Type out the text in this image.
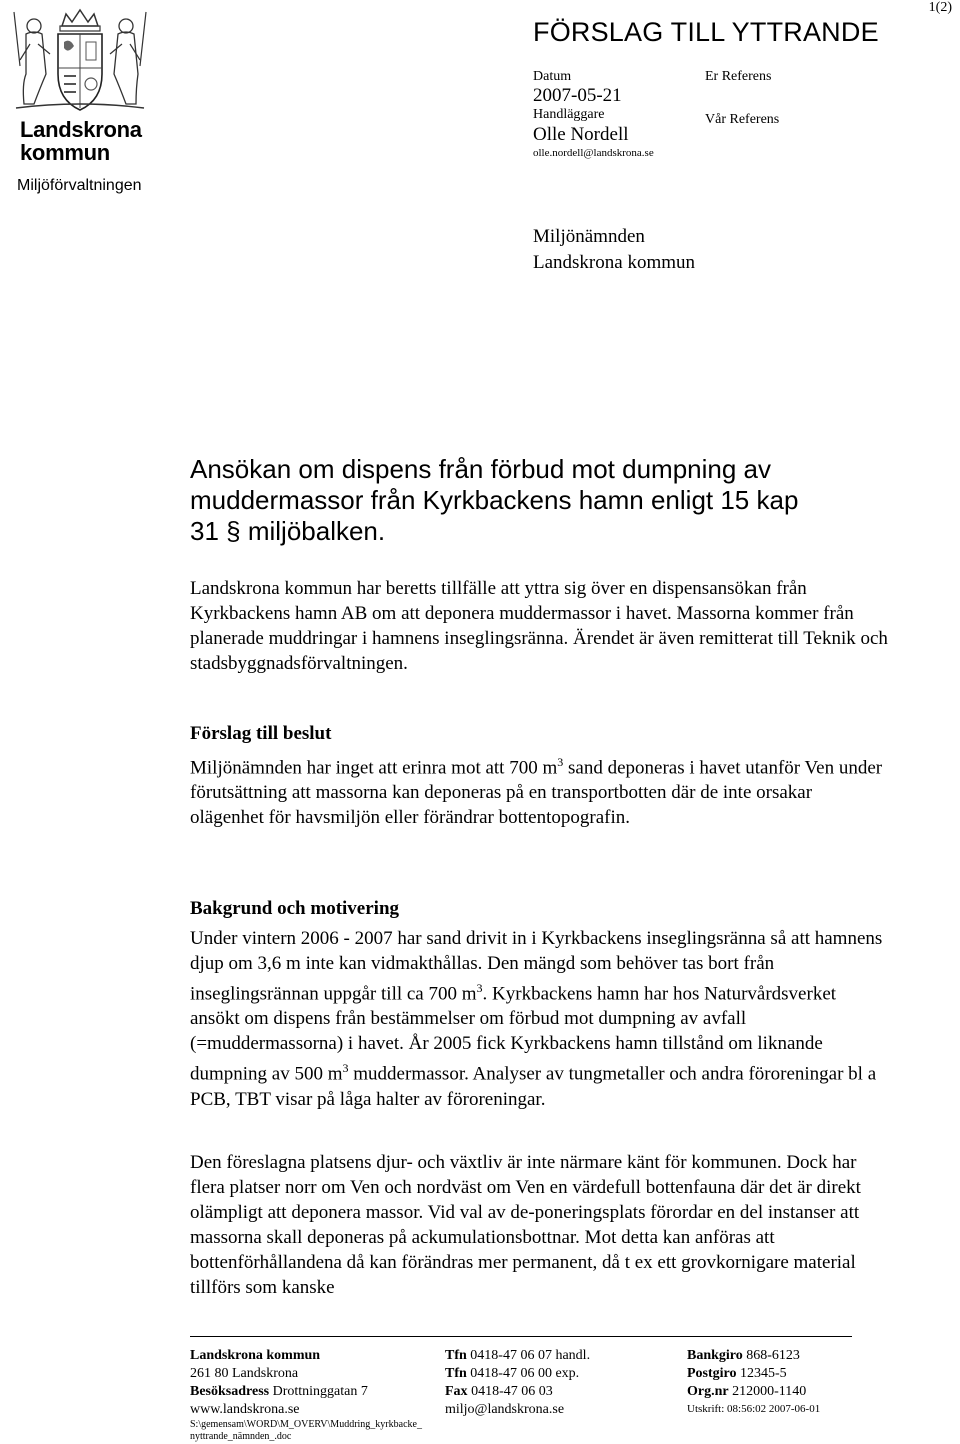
Landskrona
kommun
Miljöförvaltningen
1(2)
FÖRSLAG TILL YTTRANDE
Datum
2007-05-21
Handläggare
Olle Nordell
olle.nordell@landskrona.se
Er Referens
Vår Referens
Miljönämnden
Landskrona kommun
Ansökan om dispens från förbud mot dumpning av
muddermassor från Kyrkbackens hamn enligt 15 kap
31 § miljöbalken.

Landskrona kommun har beretts tillfälle att yttra sig över en dispensansökan från Kyrkbackens hamn AB om att deponera muddermassor i havet. Massorna kommer från planerade muddringar i hamnens inseglingsränna. Ärendet är även remitterat till Teknik och stadsbyggnadsförvaltningen.

Förslag till beslut

Miljönämnden har inget att erinra mot att 700 $m^3$ sand deponeras i havet utanför Ven under förutsättning att massorna kan deponeras på en transportbotten där de inte orsakar olägenhet för havsmiljön eller förändrar bottentopografin.

Bakgrund och motivering

Under vintern 2006 - 2007 har sand drivit in i Kyrkbackens inseglingsränna så att hamnens djup om 3,6 m inte kan vidmakthållas. Den mängd som behöver tas bort från inseglingsrännan uppgår till ca 700 $m^3$. Kyrkbackens hamn har hos Naturvårdsverket ansökt om dispens från bestämmelser om förbud mot dumpning av avfall (=muddermassorna) i havet. År 2005 fick Kyrkbackens hamn tillstånd om liknande dumpning av 500 $m^3$ muddermassor. Analyser av tungmetaller och andra föroreningar bl a PCB, TBT visar på låga halter av föroreningar.

Den föreslagna platsens djur- och växtliv är inte närmare känt för kommunen. Dock har flera platser norr om Ven och nordväst om Ven en värdefull bottenfauna där det är direkt olämpligt att deponera massor. Vid val av de-poneringsplats förordar en del instanser att massorna skall deponeras på ackumulationsbottnar. Mot detta kan anföras att bottenförhållandena då kan förändras mer permanent, då t ex ett grovkornigare material tillförs som kanske

Landskrona kommun
261 80 Landskrona
Besöksadress Drottninggatan 7
www.landskrona.se
S:\gemensam\WORD\M_OVERV\Muddring_kyrkbacke_
nyttrande_nämnden_.doc
Tfn 0418-47 06 07 handl.
Tfn 0418-47 06 00 exp.
Fax 0418-47 06 03
miljo@landskrona.se
Bankgiro 868-6123
Postgiro 12345-5
Org.nr 212000-1140
Utskrift: 08:56:02 2007-06-01
